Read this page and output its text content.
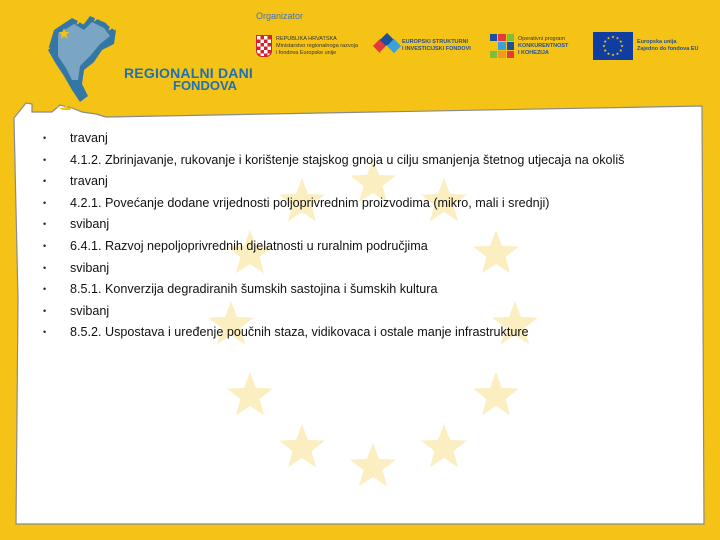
REGIONALNI DANI
EU FONDOVA
Organizator
REPUBLIKA HRVATSKA
Ministarstvo regionalnoga razvoja
i fondova Europske unije
EUROPSKI STRUKTURNI
I INVESTICIJSKI FONDOVI
Operativni program
KONKURENTNOST
I KOHEZIJA
Europska unija
Zajedno do fondova EU
• travanj
• 4.1.2. Zbrinjavanje, rukovanje i korištenje stajskog gnoja u cilju smanjenja štetnog utjecaja na okoliš
• travanj
• 4.2.1. Povećanje dodane vrijednosti poljoprivrednim proizvodima (mikro, mali i srednji)
• svibanj
• 6.4.1. Razvoj nepoljoprivrednih djelatnosti u ruralnim područjima
• svibanj
• 8.5.1. Konverzija degradiranih šumskih sastojina i šumskih kultura
• svibanj
• 8.5.2. Uspostava i uređenje poučnih staza, vidikovaca i ostale manje infrastrukture
